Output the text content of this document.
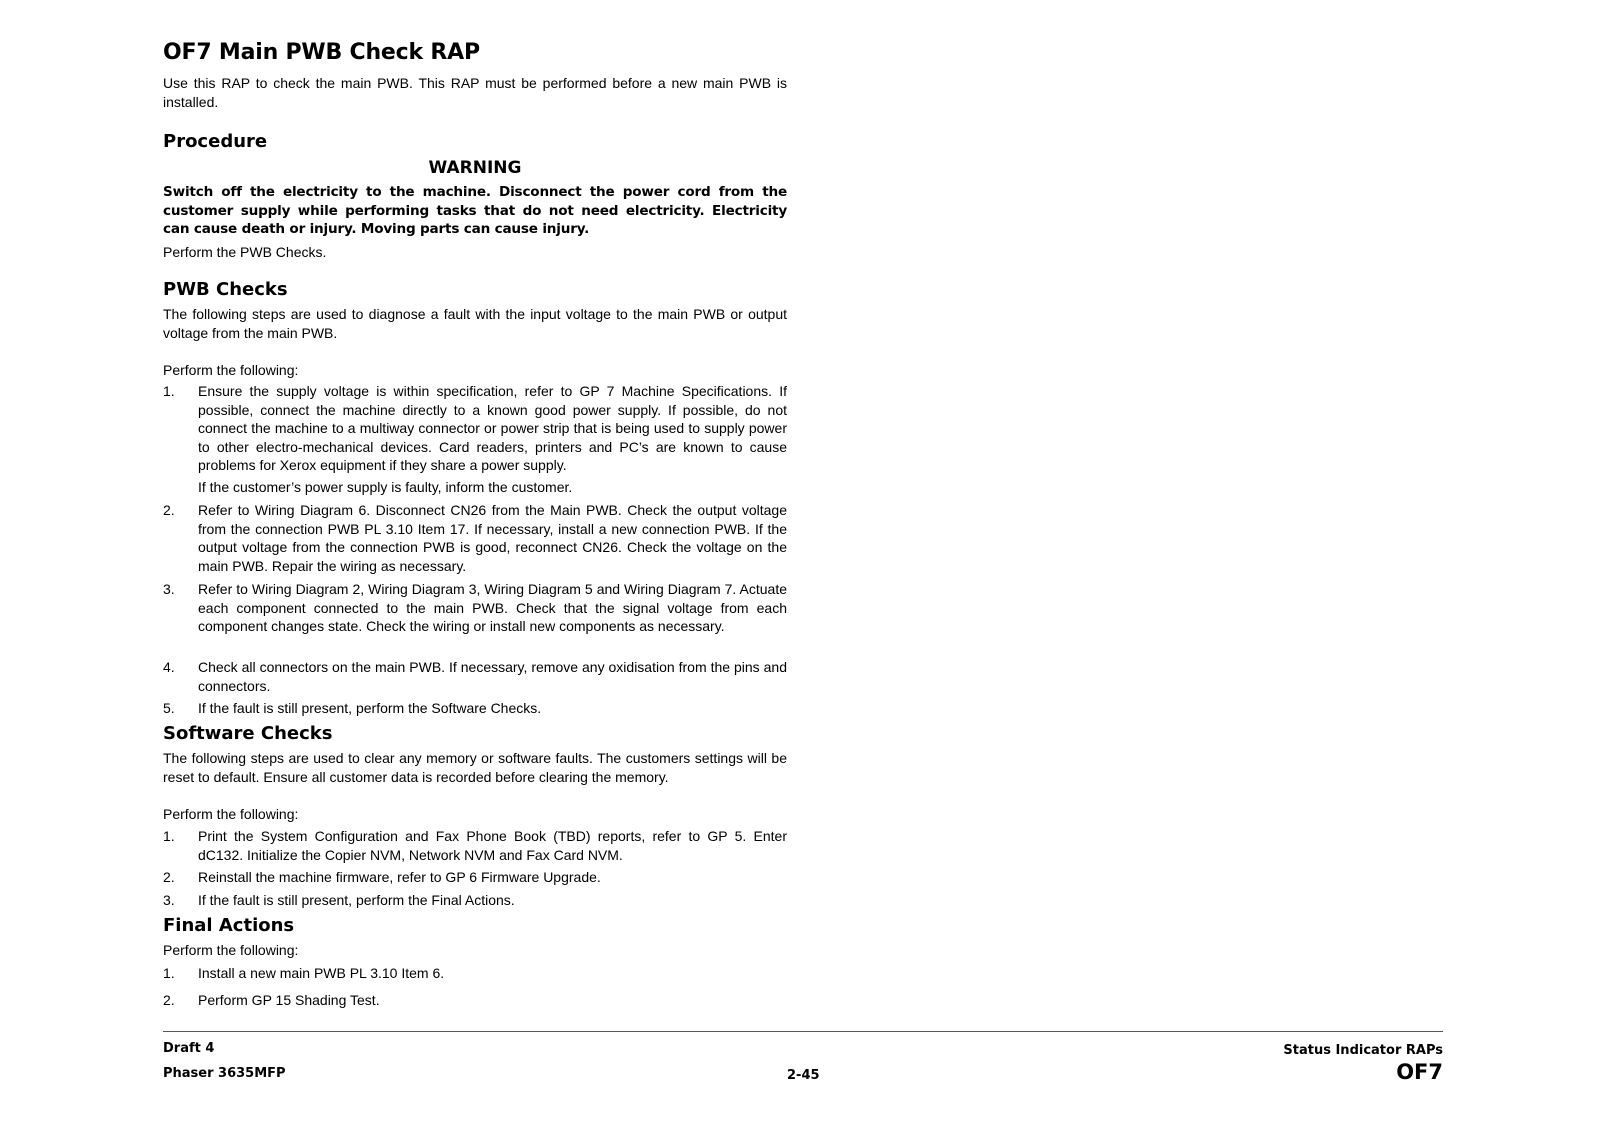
OF7 Main PWB Check RAP

Use this RAP to check the main PWB. This RAP must be performed before a new main PWB is installed.

Procedure
WARNING
Switch off the electricity to the machine. Disconnect the power cord from the customer supply while performing tasks that do not need electricity. Electricity can cause death or injury. Moving parts can cause injury.

Perform the PWB Checks.

PWB Checks

The following steps are used to diagnose a fault with the input voltage to the main PWB or output voltage from the main PWB.

Perform the following:

1. Ensure the supply voltage is within specification, refer to GP 7 Machine Specifications. If possible, connect the machine directly to a known good power supply. If possible, do not connect the machine to a multiway connector or power strip that is being used to supply power to other electro-mechanical devices. Card readers, printers and PC’s are known to cause problems for Xerox equipment if they share a power supply.
If the customer’s power supply is faulty, inform the customer.
2. Refer to Wiring Diagram 6. Disconnect CN26 from the Main PWB. Check the output voltage from the connection PWB PL 3.10 Item 17. If necessary, install a new connection PWB. If the output voltage from the connection PWB is good, reconnect CN26. Check the voltage on the main PWB. Repair the wiring as necessary.
3. Refer to Wiring Diagram 2, Wiring Diagram 3, Wiring Diagram 5 and Wiring Diagram 7. Actuate each component connected to the main PWB. Check that the signal voltage from each component changes state. Check the wiring or install new components as necessary.
4. Check all connectors on the main PWB. If necessary, remove any oxidisation from the pins and connectors.
5. If the fault is still present, perform the Software Checks.
Software Checks

The following steps are used to clear any memory or software faults. The customers settings will be reset to default. Ensure all customer data is recorded before clearing the memory.

Perform the following:

1. Print the System Configuration and Fax Phone Book (TBD) reports, refer to GP 5. Enter dC132. Initialize the Copier NVM, Network NVM and Fax Card NVM.
2. Reinstall the machine firmware, refer to GP 6 Firmware Upgrade.
3. If the fault is still present, perform the Final Actions.
Final Actions

Perform the following:

1. Install a new main PWB PL 3.10 Item 6.
2. Perform GP 15 Shading Test.
Draft 4
Phaser 3635MFP	2-45
Status Indicator RAPs
OF7
